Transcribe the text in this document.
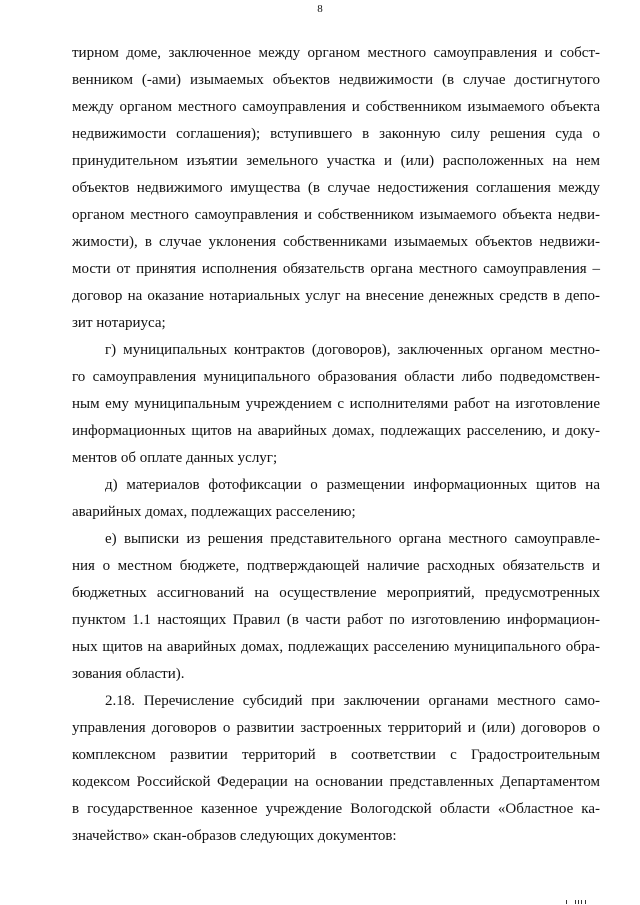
8
тирном доме, заключенное между органом местного самоуправления и собст-
венником (-ами) изымаемых объектов недвижимости (в случае достигнутого
между органом местного самоуправления и собственником изымаемого объекта
недвижимости соглашения); вступившего в законную силу решения суда о
принудительном изъятии земельного участка и (или) расположенных на нем
объектов недвижимого имущества (в случае недостижения соглашения между
органом местного самоуправления и собственником изымаемого объекта недви-
жимости), в случае уклонения собственниками изымаемых объектов недвижи-
мости от принятия исполнения обязательств органа местного самоуправления –
договор на оказание нотариальных услуг на внесение денежных средств в депо-
зит нотариуса;
г) муниципальных контрактов (договоров), заключенных органом местно-
го самоуправления муниципального образования области либо подведомствен-
ным ему муниципальным учреждением с исполнителями работ на изготовление
информационных щитов на аварийных домах, подлежащих расселению, и доку-
ментов об оплате данных услуг;
д) материалов фотофиксации о размещении информационных щитов на
аварийных домах, подлежащих расселению;
е) выписки из решения представительного органа местного самоуправле-
ния о местном бюджете, подтверждающей наличие расходных обязательств и
бюджетных ассигнований на осуществление мероприятий, предусмотренных
пунктом 1.1 настоящих Правил (в части работ по изготовлению информацион-
ных щитов на аварийных домах, подлежащих расселению муниципального обра-
зования области).
2.18. Перечисление субсидий при заключении органами местного само-
управления договоров о развитии застроенных территорий и (или) договоров о
комплексном развитии территорий в соответствии с Градостроительным
кодексом Российской Федерации на основании представленных Департаментом
в государственное казенное учреждение Вологодской области «Областное ка-
значейство» скан-образов следующих документов:
